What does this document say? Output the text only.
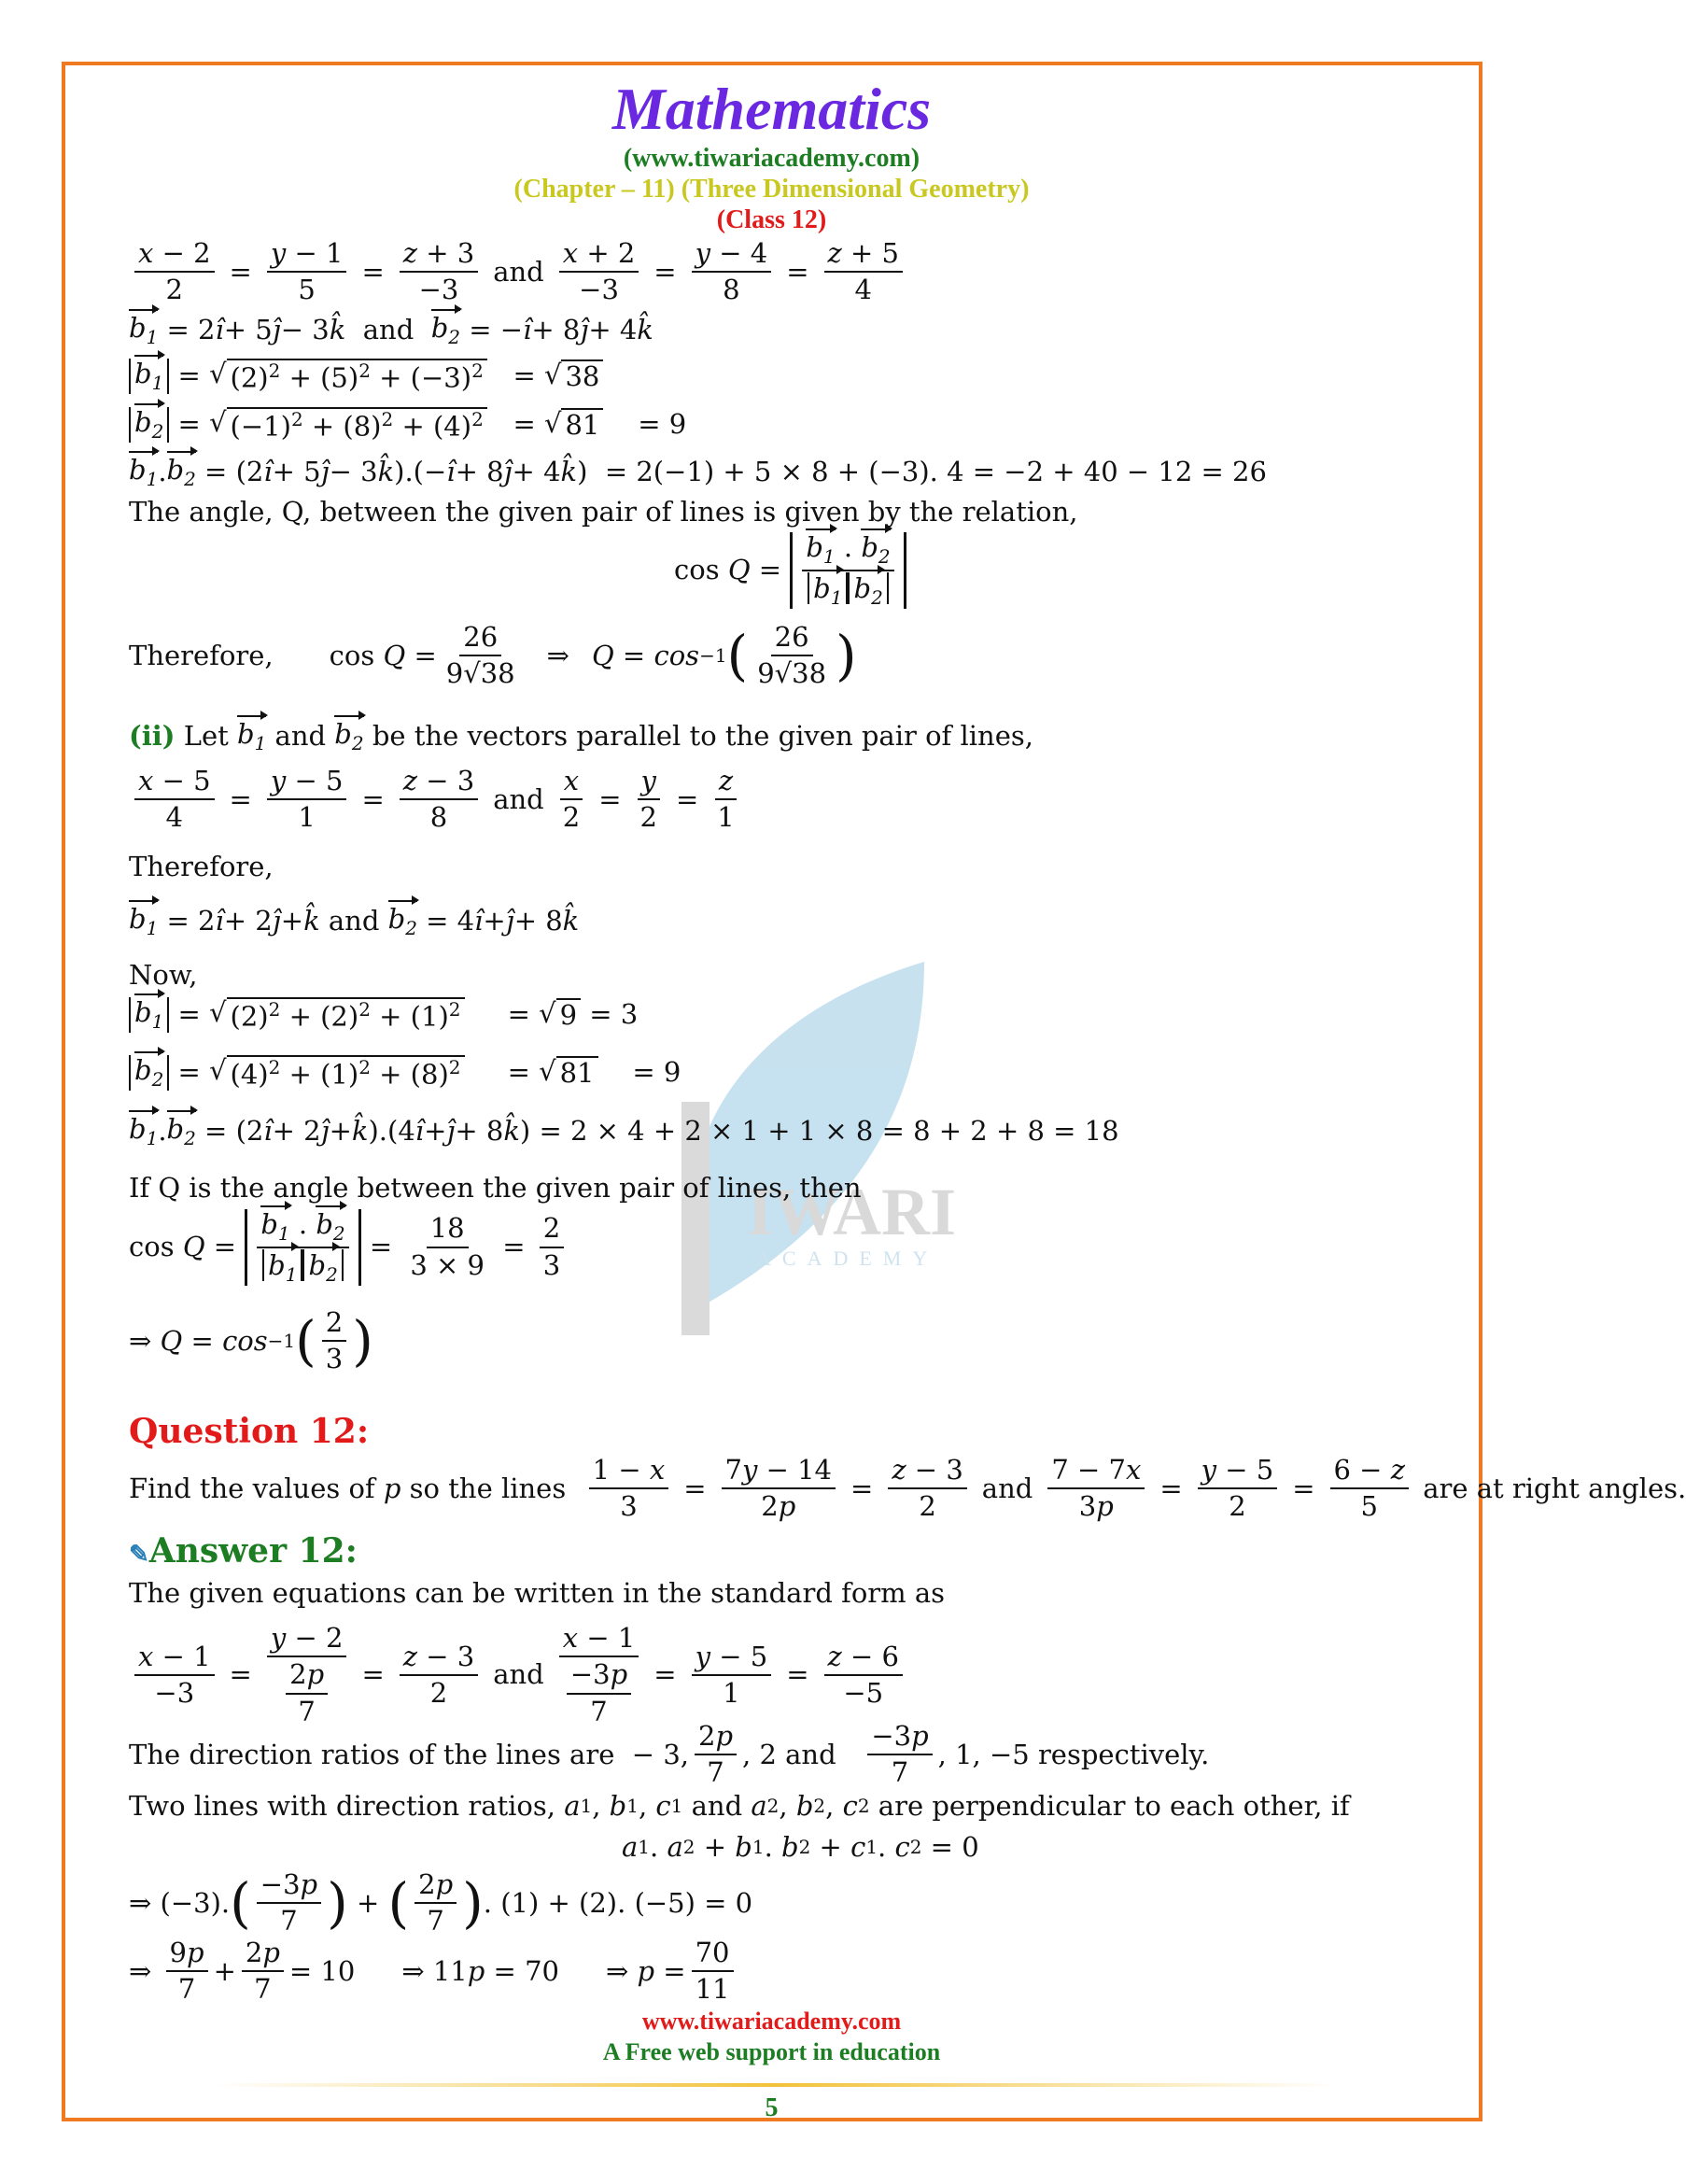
IWARI
ACADEMY
Mathematics
(www.tiwariacademy.com)
(Chapter – 11) (Three Dimensional Geometry)
(Class 12)
$\frac{x - 2}{2} = \frac{y - 1}{5} = \frac{z + 3}{-3}$ and $\frac{x + 2}{-3} = \frac{y - 4}{8} = \frac{z + 5}{4}$
$b_1 = 2$ î + 5 ĵ − 3 k̂
and
$b_2$ = − î + 8 ĵ + 4 k̂
$b_1$ = √ $(2)^2 + (5)^2 + (-3)^2$ = √ 38
$b_2$ = √ $(-1)^2 + (8)^2 + (4)^2$ = √ 81 = 9
$b_1$ . $b_2 = (2$ î + 5 ĵ − 3 k̂ ).(− î + 8 ĵ + 4 k̂ )  = 2(−1) + 5 × 8 + (−3). 4 = −2 + 40 − 12 = 26
The angle, Q, between the given pair of lines is given by the relation,
$\cos Q = \frac{b_1 . b_2}{b_1 b_2}$
Therefore, $\cos Q = \frac{26}{9√38}$ ⇒ Q = cos −1 ( $\frac{26}{9√38}$ )
(ii)
Let
$b_1$
and
$b_2$
be the vectors parallel to the given pair of lines,
$\frac{x - 5}{4} = \frac{y - 5}{1} = \frac{z - 3}{8}$ and $\frac{x}{2} = \frac{y}{2} = \frac{z}{1}$
Therefore,
$b_1 = 2$ î + 2 ĵ + k̂
and
$b_2 = 4$ î + ĵ + 8 k̂
Now,
$b_1$ = √ $(2)^2 + (2)^2 + (1)^2$ = √ 9 = 3
$b_2$ = √ $(4)^2 + (1)^2 + (8)^2$ = √ 81 = 9
$b_1$ . $b_2 = (2$ î + 2 ĵ + k̂ ).(4 î + ĵ + 8 k̂ ) = 2 × 4 + 2 × 1 + 1 × 8 = 8 + 2 + 8 = 18
If Q is the angle between the given pair of lines, then
$\cos Q = \frac{b_1 . b_2}{b_1 b_2} = \frac{18}{3 \times 9} = \frac{2}{3}$
⇒ Q = cos −1 ( $\frac{2}{3}$ )
Question 12:
Find the values of
p
so the lines
$\frac{1 - x}{3} = \frac{7y - 14}{2p} = \frac{z - 3}{2}$ and $\frac{7 - 7x}{3p} = \frac{y - 5}{2} = \frac{6 - z}{5}$
are at right angles.
✎Answer 12:
The given equations can be written in the standard form as
$\frac{x - 1}{-3} = \frac{y - 2}{\frac{2p}{7}} = \frac{z - 3}{2}$ and $\frac{x - 1}{\frac{-3p}{7}} = \frac{y - 5}{1} = \frac{z - 6}{-5}$
The direction ratios of the lines are − 3, $\frac{2p}{7}$ , 2 and
$\frac{-3p}{7}$ , 1, −5 respectively.
Two lines with direction ratios,
a 1 , b 1 , c 1
and
a 2 , b 2 , c 2
are perpendicular to each other, if
a 1 . a 2 + b 1 . b 2 + c 1 . c 2 = 0
⇒ (−3). ( $\frac{-3p}{7}$ ) + ( $\frac{2p}{7}$ ) . (1) + (2). (−5) = 0
⇒ $\frac{9p}{7} + \frac{2p}{7} = 10$ ⇒ 11p = 70 ⇒ $p = \frac{70}{11}$
www.tiwariacademy.com
A Free web support in education
5
